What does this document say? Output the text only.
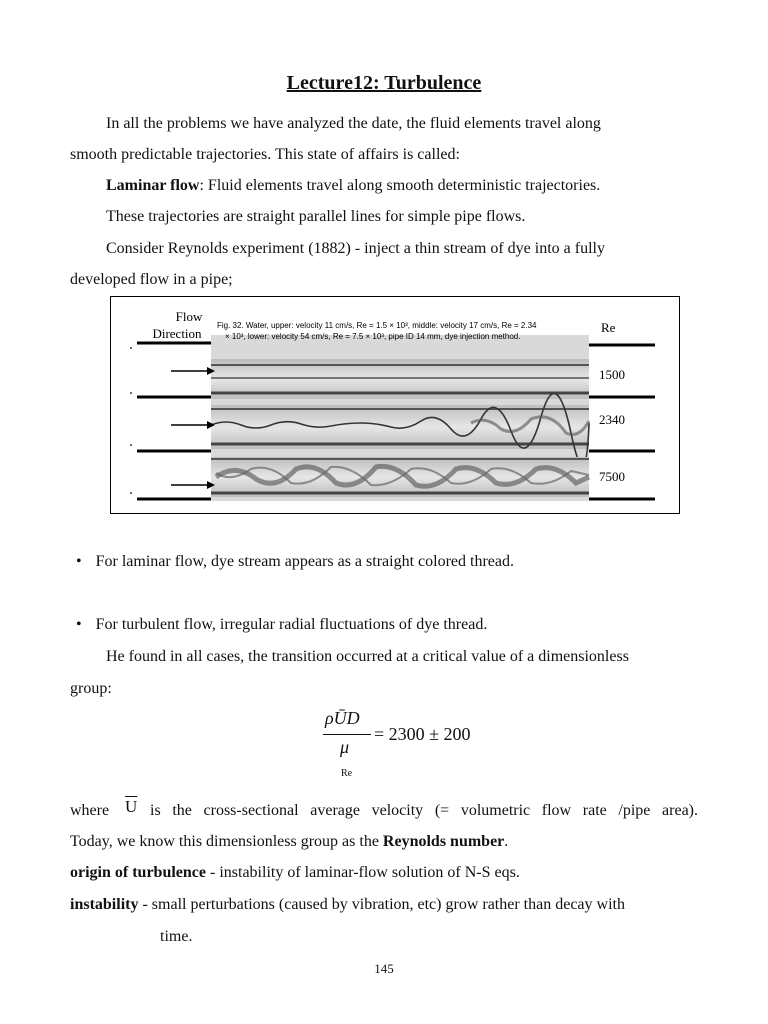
Lecture12: Turbulence
In all the problems we have analyzed the date, the fluid elements travel along
smooth predictable trajectories. This state of affairs is called:
Laminar flow: Fluid elements travel along smooth deterministic trajectories.
These trajectories are straight parallel lines for simple pipe flows.
Consider Reynolds experiment (1882) - inject a thin stream of dye into a fully
developed flow in a pipe;
Flow
Direction
Fig. 32. Water, upper: velocity 11 cm/s, Re = 1.5 × 10³, middle: velocity 17 cm/s, Re = 2.34
× 10³, lower: velocity 54 cm/s, Re = 7.5 × 10³, pipe ID 14 mm, dye injection method.
Re
1500
2340
7500
• For laminar flow, dye stream appears as a straight colored thread.
• For turbulent flow, irregular radial fluctuations of dye thread.
He found in all cases, the transition occurred at a critical value of a dimensionless
group:
ρŪD
μ
= 2300 ± 200
Re
where $\overline{U}$ is the cross-sectional average velocity (= volumetric flow rate /pipe area).
Today, we know this dimensionless group as the Reynolds number.
origin of turbulence - instability of laminar-flow solution of N-S eqs.
instability - small perturbations (caused by vibration, etc) grow rather than decay with
time.
145
